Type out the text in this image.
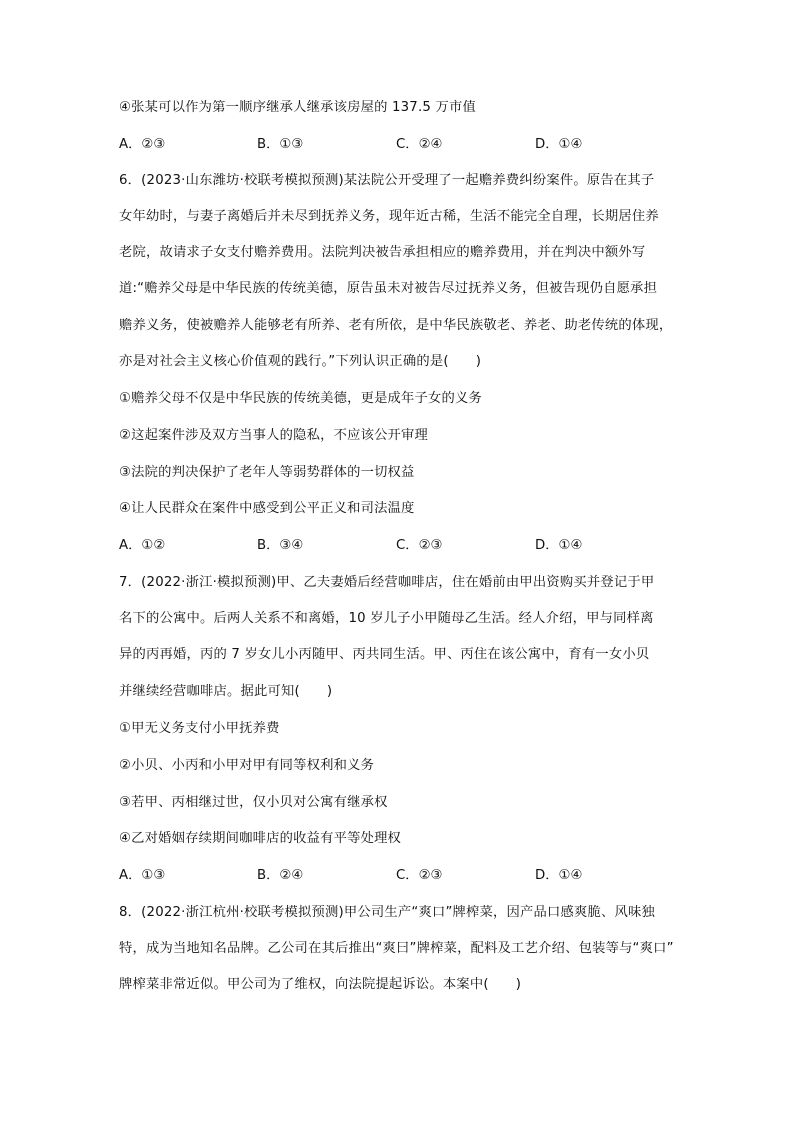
④张某可以作为第一顺序继承人继承该房屋的 137.5 万市值
A．②③	B．①③	C．②④	D．①④
6．(2023·山东潍坊·校联考模拟预测)某法院公开受理了一起赡养费纠纷案件。原告在其子
女年幼时，与妻子离婚后并未尽到抚养义务，现年近古稀，生活不能完全自理，长期居住养
老院，故请求子女支付赡养费用。法院判决被告承担相应的赡养费用，并在判决中额外写
道:“赡养父母是中华民族的传统美德，原告虽未对被告尽过抚养义务，但被告现仍自愿承担
赡养义务，使被赡养人能够老有所养、老有所依，是中华民族敬老、养老、助老传统的体现，
亦是对社会主义核心价值观的践行。”下列认识正确的是(　　)
①赡养父母不仅是中华民族的传统美德，更是成年子女的义务
②这起案件涉及双方当事人的隐私，不应该公开审理
③法院的判决保护了老年人等弱势群体的一切权益
④让人民群众在案件中感受到公平正义和司法温度
A．①②	B．③④	C．②③	D．①④
7．(2022·浙江·模拟预测)甲、乙夫妻婚后经营咖啡店，住在婚前由甲出资购买并登记于甲
名下的公寓中。后两人关系不和离婚，10 岁儿子小甲随母乙生活。经人介绍，甲与同样离
异的丙再婚，丙的 7 岁女儿小丙随甲、丙共同生活。甲、丙住在该公寓中，育有一女小贝
并继续经营咖啡店。据此可知(　　)
①甲无义务支付小甲抚养费
②小贝、小丙和小甲对甲有同等权利和义务
③若甲、丙相继过世，仅小贝对公寓有继承权
④乙对婚姻存续期间咖啡店的收益有平等处理权
A．①③	B．②④	C．②③	D．①④
8．(2022·浙江杭州·校联考模拟预测)甲公司生产“爽口”牌榨菜，因产品口感爽脆、风味独
特，成为当地知名品牌。乙公司在其后推出“爽曰”牌榨菜，配料及工艺介绍、包装等与“爽口”
牌榨菜非常近似。甲公司为了维权，向法院提起诉讼。本案中(　　)
